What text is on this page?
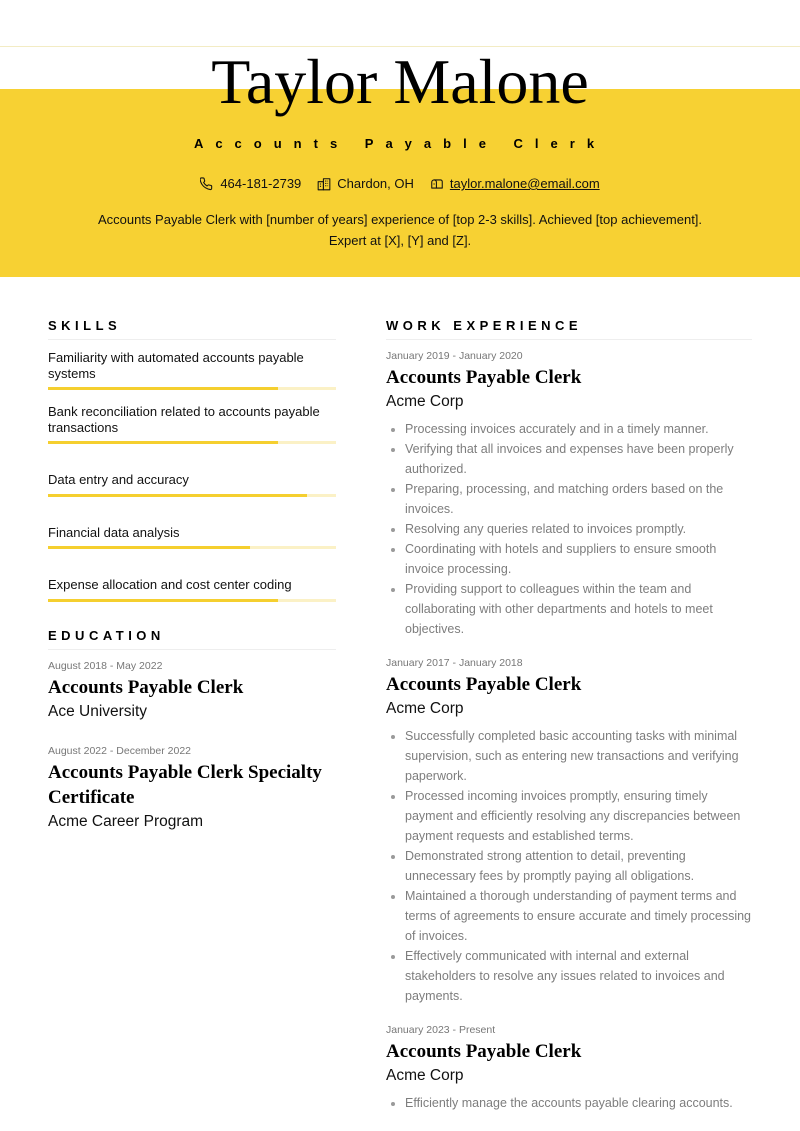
Taylor Malone
Accounts Payable Clerk
464-181-2739	Chardon, OH	taylor.malone@email.com
Accounts Payable Clerk with [number of years] experience of [top 2-3 skills]. Achieved [top achievement]. Expert at [X], [Y] and [Z].
SKILLS
Familiarity with automated accounts payable systems
Bank reconciliation related to accounts payable transactions
Data entry and accuracy
Financial data analysis
Expense allocation and cost center coding
EDUCATION
August 2018 - May 2022
Accounts Payable Clerk
Ace University
August 2022 - December 2022
Accounts Payable Clerk Specialty Certificate
Acme Career Program
WORK EXPERIENCE
January 2019 - January 2020
Accounts Payable Clerk
Acme Corp
• Processing invoices accurately and in a timely manner.
• Verifying that all invoices and expenses have been properly authorized.
• Preparing, processing, and matching orders based on the invoices.
• Resolving any queries related to invoices promptly.
• Coordinating with hotels and suppliers to ensure smooth invoice processing.
• Providing support to colleagues within the team and collaborating with other departments and hotels to meet objectives.
January 2017 - January 2018
Accounts Payable Clerk
Acme Corp
• Successfully completed basic accounting tasks with minimal supervision, such as entering new transactions and verifying paperwork.
• Processed incoming invoices promptly, ensuring timely payment and efficiently resolving any discrepancies between payment requests and established terms.
• Demonstrated strong attention to detail, preventing unnecessary fees by promptly paying all obligations.
• Maintained a thorough understanding of payment terms and terms of agreements to ensure accurate and timely processing of invoices.
• Effectively communicated with internal and external stakeholders to resolve any issues related to invoices and payments.
January 2023 - Present
Accounts Payable Clerk
Acme Corp
• Efficiently manage the accounts payable clearing accounts.
